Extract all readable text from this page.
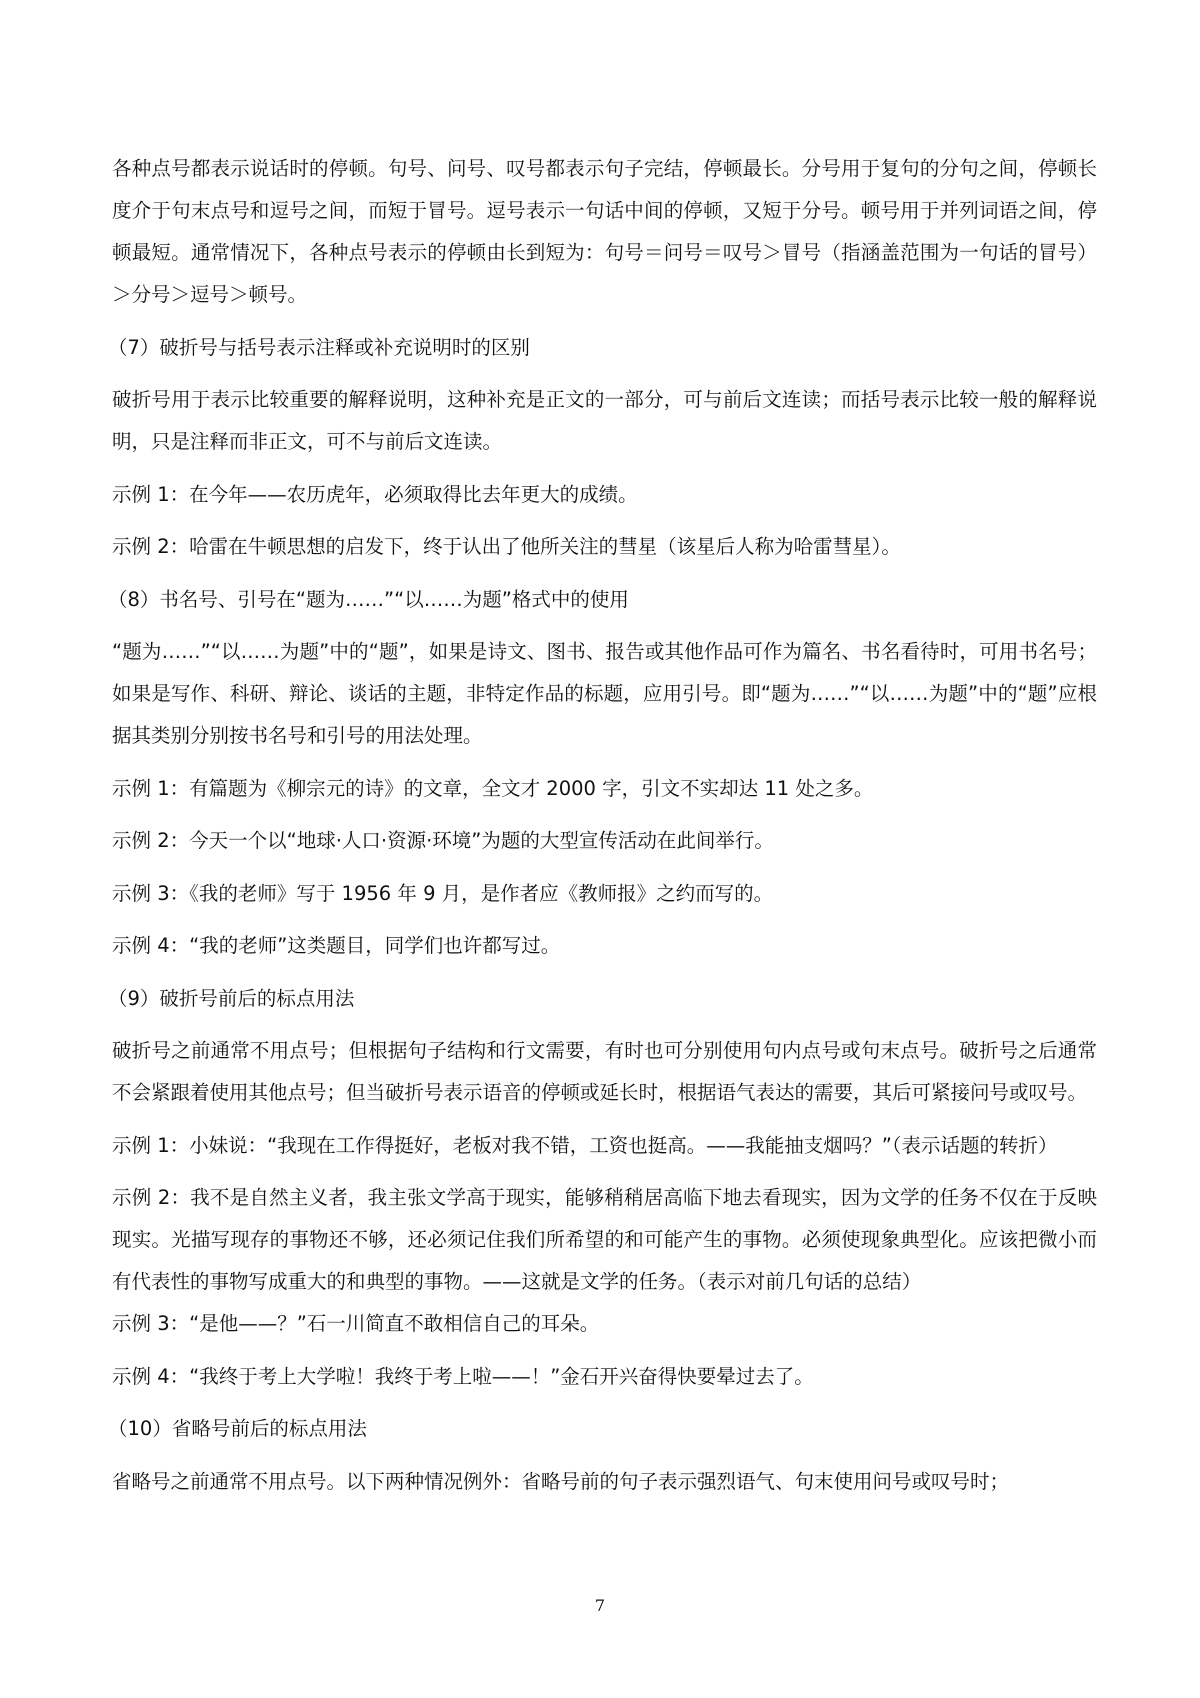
各种点号都表示说话时的停顿。句号、问号、叹号都表示句子完结，停顿最长。分号用于复句的分句之间，停顿长度介于句末点号和逗号之间，而短于冒号。逗号表示一句话中间的停顿，又短于分号。顿号用于并列词语之间，停顿最短。通常情况下，各种点号表示的停顿由长到短为：句号＝问号＝叹号＞冒号（指涵盖范围为一句话的冒号）＞分号＞逗号＞顿号。

（7）破折号与括号表示注释或补充说明时的区别

破折号用于表示比较重要的解释说明，这种补充是正文的一部分，可与前后文连读；而括号表示比较一般的解释说明，只是注释而非正文，可不与前后文连读。

示例 1：在今年——农历虎年，必须取得比去年更大的成绩。

示例 2：哈雷在牛顿思想的启发下，终于认出了他所关注的彗星（该星后人称为哈雷彗星）。

（8）书名号、引号在“题为……”“以……为题”格式中的使用

“题为……”“以……为题”中的“题”，如果是诗文、图书、报告或其他作品可作为篇名、书名看待时，可用书名号；如果是写作、科研、辩论、谈话的主题，非特定作品的标题，应用引号。即“题为……”“以……为题”中的“题”应根据其类别分别按书名号和引号的用法处理。

示例 1：有篇题为《柳宗元的诗》的文章，全文才 2000 字，引文不实却达 11 处之多。

示例 2：今天一个以“地球·人口·资源·环境”为题的大型宣传活动在此间举行。

示例 3：《我的老师》写于 1956 年 9 月，是作者应《教师报》之约而写的。

示例 4：“我的老师”这类题目，同学们也许都写过。

（9）破折号前后的标点用法

破折号之前通常不用点号；但根据句子结构和行文需要，有时也可分别使用句内点号或句末点号。破折号之后通常不会紧跟着使用其他点号；但当破折号表示语音的停顿或延长时，根据语气表达的需要，其后可紧接问号或叹号。

示例 1：小妹说：“我现在工作得挺好，老板对我不错，工资也挺高。——我能抽支烟吗？”（表示话题的转折）

示例 2：我不是自然主义者，我主张文学高于现实，能够稍稍居高临下地去看现实，因为文学的任务不仅在于反映现实。光描写现存的事物还不够，还必须记住我们所希望的和可能产生的事物。必须使现象典型化。应该把微小而有代表性的事物写成重大的和典型的事物。——这就是文学的任务。（表示对前几句话的总结）

示例 3：“是他——？”石一川简直不敢相信自己的耳朵。

示例 4：“我终于考上大学啦！我终于考上啦——！”金石开兴奋得快要晕过去了。

（10）省略号前后的标点用法

省略号之前通常不用点号。以下两种情况例外：省略号前的句子表示强烈语气、句末使用问号或叹号时；

7
